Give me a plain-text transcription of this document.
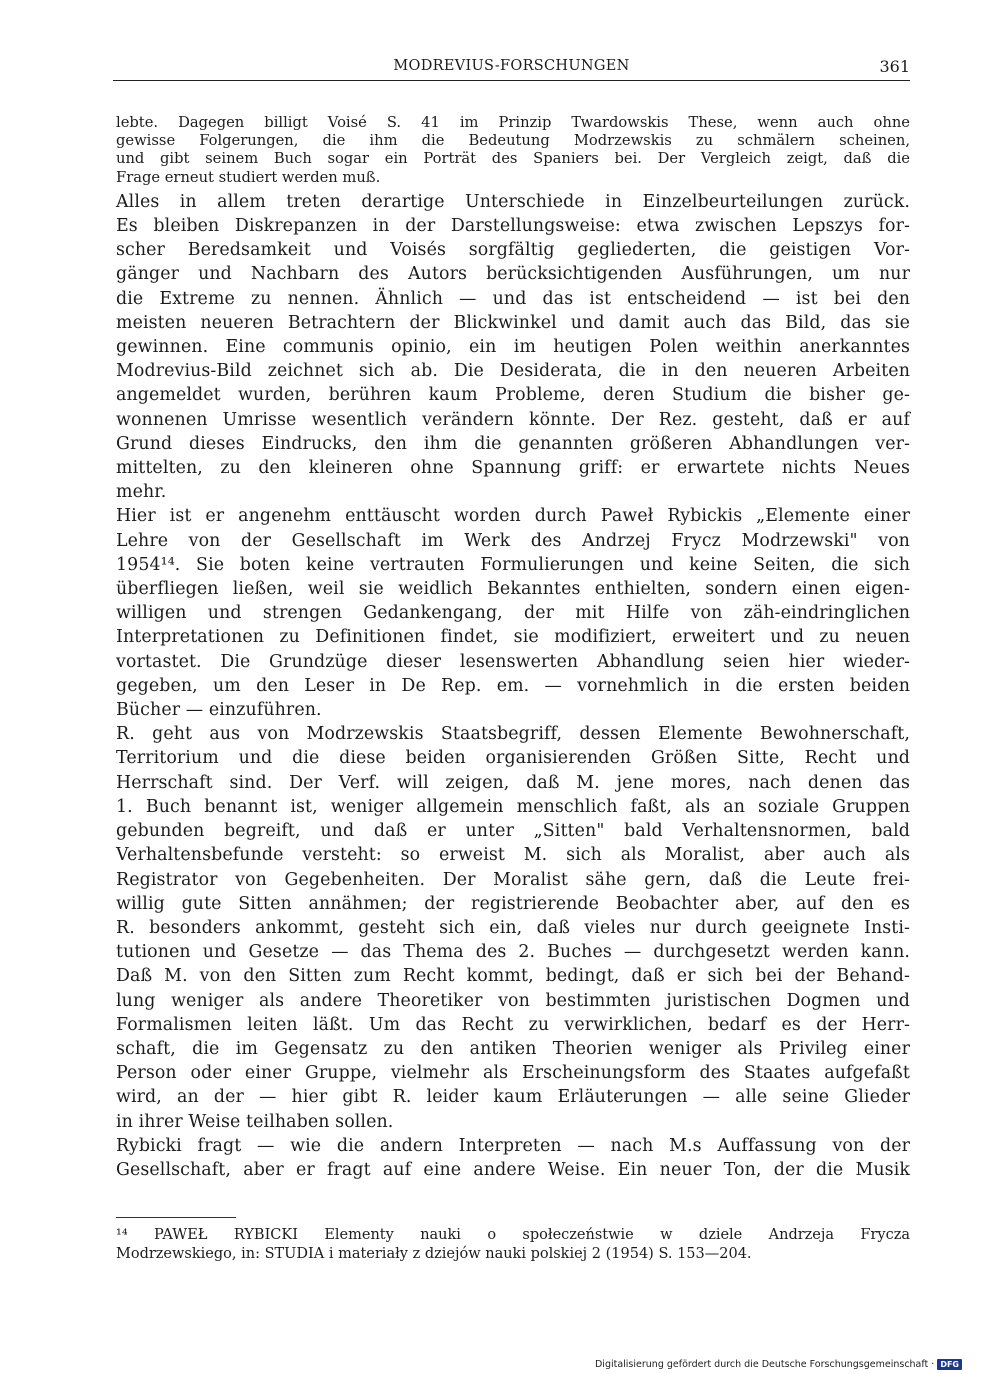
MODREVIUS-FORSCHUNGEN	361
lebte. Dagegen billigt Voisé S. 41 im Prinzip Twardowskis These, wenn auch ohne
gewisse Folgerungen, die ihm die Bedeutung Modrzewskis zu schmälern scheinen,
und gibt seinem Buch sogar ein Porträt des Spaniers bei. Der Vergleich zeigt, daß die
Frage erneut studiert werden muß.
Alles in allem treten derartige Unterschiede in Einzelbeurteilungen zurück.
Es bleiben Diskrepanzen in der Darstellungsweise: etwa zwischen Lepszys for-
scher Beredsamkeit und Voisés sorgfältig gegliederten, die geistigen Vor-
gänger und Nachbarn des Autors berücksichtigenden Ausführungen, um nur
die Extreme zu nennen. Ähnlich — und das ist entscheidend — ist bei den
meisten neueren Betrachtern der Blickwinkel und damit auch das Bild, das sie
gewinnen. Eine communis opinio, ein im heutigen Polen weithin anerkanntes
Modrevius-Bild zeichnet sich ab. Die Desiderata, die in den neueren Arbeiten
angemeldet wurden, berühren kaum Probleme, deren Studium die bisher ge-
wonnenen Umrisse wesentlich verändern könnte. Der Rez. gesteht, daß er auf
Grund dieses Eindrucks, den ihm die genannten größeren Abhandlungen ver-
mittelten, zu den kleineren ohne Spannung griff: er erwartete nichts Neues
mehr.
Hier ist er angenehm enttäuscht worden durch Paweł Rybickis „Elemente einer
Lehre von der Gesellschaft im Werk des Andrzej Frycz Modrzewski" von
1954¹⁴. Sie boten keine vertrauten Formulierungen und keine Seiten, die sich
überfliegen ließen, weil sie weidlich Bekanntes enthielten, sondern einen eigen-
willigen und strengen Gedankengang, der mit Hilfe von zäh-eindringlichen
Interpretationen zu Definitionen findet, sie modifiziert, erweitert und zu neuen
vortastet. Die Grundzüge dieser lesenswerten Abhandlung seien hier wieder-
gegeben, um den Leser in De Rep. em. — vornehmlich in die ersten beiden
Bücher — einzuführen.
R. geht aus von Modrzewskis Staatsbegriff, dessen Elemente Bewohnerschaft,
Territorium und die diese beiden organisierenden Größen Sitte, Recht und
Herrschaft sind. Der Verf. will zeigen, daß M. jene mores, nach denen das
1. Buch benannt ist, weniger allgemein menschlich faßt, als an soziale Gruppen
gebunden begreift, und daß er unter „Sitten" bald Verhaltensnormen, bald
Verhaltensbefunde versteht: so erweist M. sich als Moralist, aber auch als
Registrator von Gegebenheiten. Der Moralist sähe gern, daß die Leute frei-
willig gute Sitten annähmen; der registrierende Beobachter aber, auf den es
R. besonders ankommt, gesteht sich ein, daß vieles nur durch geeignete Insti-
tutionen und Gesetze — das Thema des 2. Buches — durchgesetzt werden kann.
Daß M. von den Sitten zum Recht kommt, bedingt, daß er sich bei der Behand-
lung weniger als andere Theoretiker von bestimmten juristischen Dogmen und
Formalismen leiten läßt. Um das Recht zu verwirklichen, bedarf es der Herr-
schaft, die im Gegensatz zu den antiken Theorien weniger als Privileg einer
Person oder einer Gruppe, vielmehr als Erscheinungsform des Staates aufgefaßt
wird, an der — hier gibt R. leider kaum Erläuterungen — alle seine Glieder
in ihrer Weise teilhaben sollen.
Rybicki fragt — wie die andern Interpreten — nach M.s Auffassung von der
Gesellschaft, aber er fragt auf eine andere Weise. Ein neuer Ton, der die Musik
¹⁴ PAWEŁ RYBICKI Elementy nauki o społeczeństwie w dziele Andrzeja Frycza
Modrzewskiego, in: STUDIA i materiały z dziejów nauki polskiej 2 (1954) S. 153—204.
Digitalisierung gefördert durch die Deutsche Forschungsgemeinschaft · DFG
